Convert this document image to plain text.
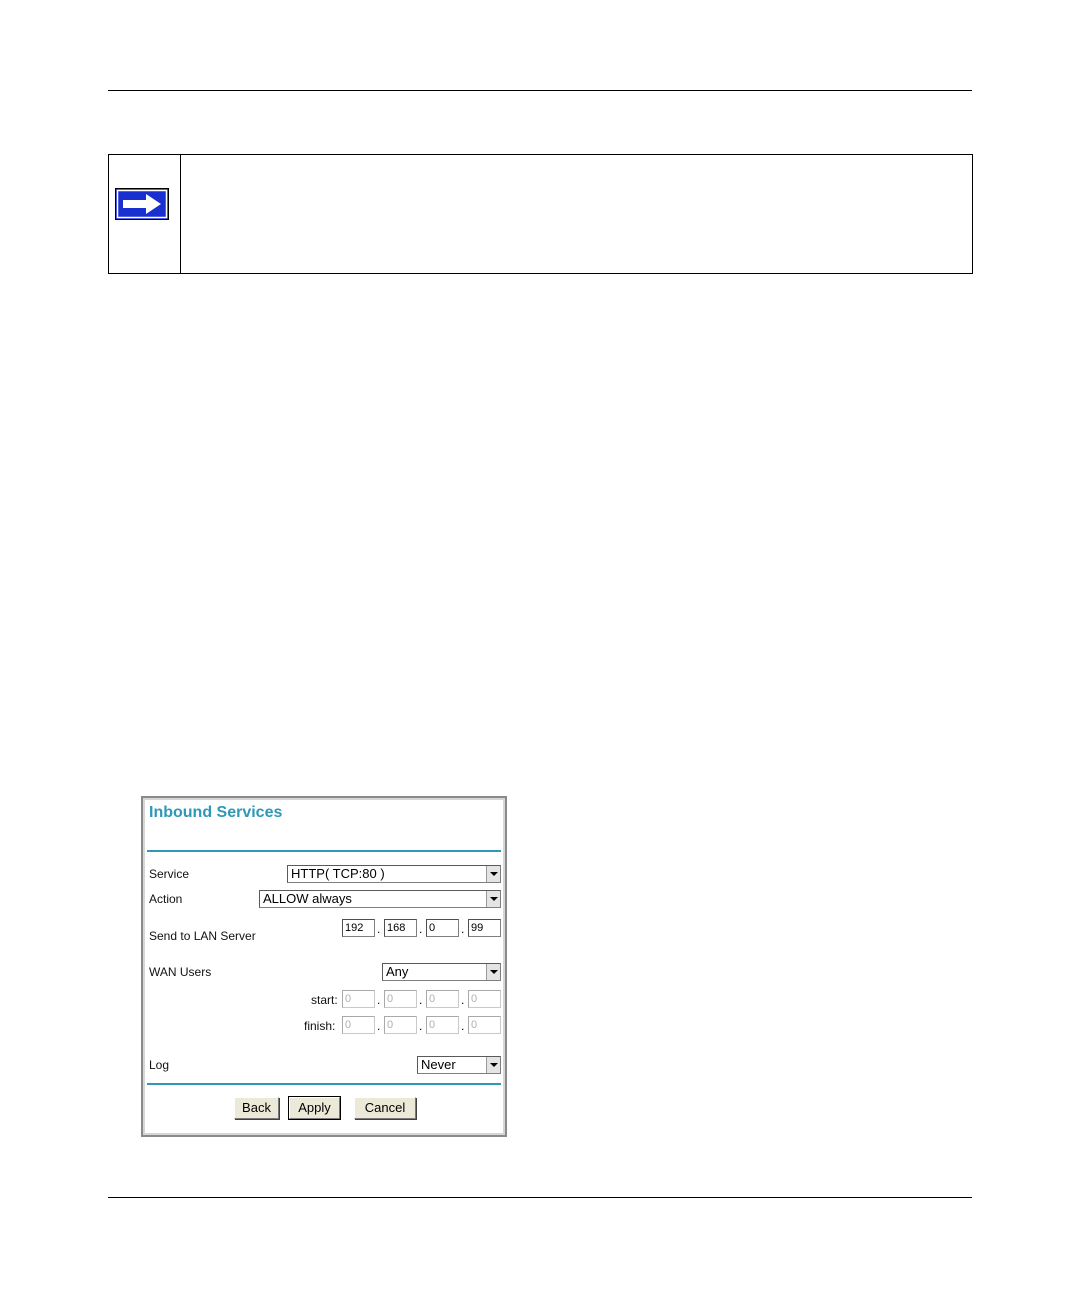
Inbound Services
Service	HTTP( TCP:80 )
Action	ALLOW always
Send to LAN Server
192	. 168	. 0	. 99
WAN Users	Any
start: 0	. 0	. 0	. 0
finish: 0	. 0	. 0	. 0
Log	Never
Back	Apply	Cancel
